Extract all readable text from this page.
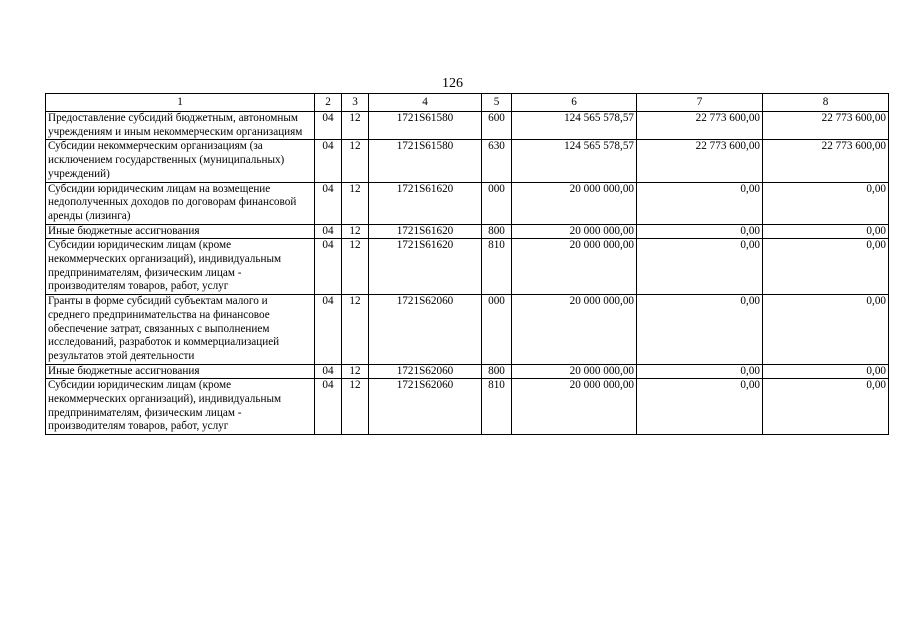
126
1	2	3	4	5	6	7	8
Предоставление субсидий бюджетным, автономным учреждениям и иным некоммерческим организациям	04	12	1721S61580	600	124 565 578,57	22 773 600,00	22 773 600,00
Субсидии некоммерческим организациям (за исключением государственных (муниципальных) учреждений)	04	12	1721S61580	630	124 565 578,57	22 773 600,00	22 773 600,00
Субсидии юридическим лицам на возмещение недополученных доходов по договорам финансовой аренды (лизинга)	04	12	1721S61620	000	20 000 000,00	0,00	0,00
Иные бюджетные ассигнования	04	12	1721S61620	800	20 000 000,00	0,00	0,00
Субсидии юридическим лицам (кроме некоммерческих организаций), индивидуальным предпринимателям, физическим лицам - производителям товаров, работ, услуг	04	12	1721S61620	810	20 000 000,00	0,00	0,00
Гранты в форме субсидий субъектам малого и среднего предпринимательства на финансовое обеспечение затрат, связанных с выполнением исследований, разработок и коммерциализацией результатов этой деятельности	04	12	1721S62060	000	20 000 000,00	0,00	0,00
Иные бюджетные ассигнования	04	12	1721S62060	800	20 000 000,00	0,00	0,00
Субсидии юридическим лицам (кроме некоммерческих организаций), индивидуальным предпринимателям, физическим лицам - производителям товаров, работ, услуг	04	12	1721S62060	810	20 000 000,00	0,00	0,00
